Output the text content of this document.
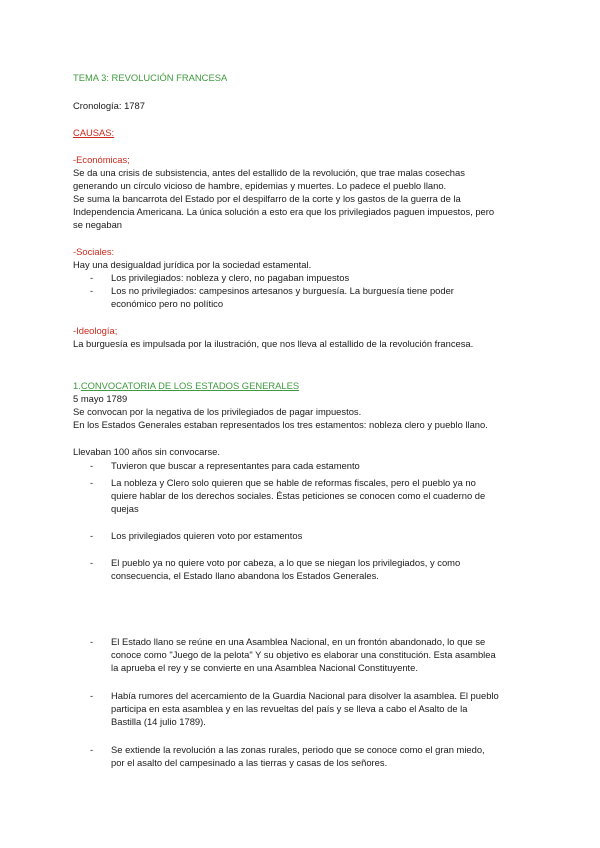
TEMA 3: REVOLUCIÓN FRANCESA

Cronología: 1787

CAUSAS:

-Económicas;

Se da una crisis de subsistencia, antes del estallido de la revolución, que trae malas cosechas

generando un círculo vicioso de hambre, epidemias y muertes. Lo padece el pueblo llano.

Se suma la bancarrota del Estado por el despilfarro de la corte y los gastos de la guerra de la

Independencia Americana. La única solución a esto era que los privilegiados paguen impuestos, pero

se negaban

-Sociales:

Hay una desigualdad jurídica por la sociedad estamental.

- Los privilegiados: nobleza y clero, no pagaban impuestos

- Los no privilegiados: campesinos artesanos y burguesía. La burguesía tiene poder

económico pero no político

-Ideología;

La burguesía es impulsada por la ilustración, que nos lleva al estallido de la revolución francesa.

1.CONVOCATORIA DE LOS ESTADOS GENERALES

5 mayo 1789

Se convocan por la negativa de los privilegiados de pagar impuestos.

En los Estados Generales estaban representados los tres estamentos: nobleza clero y pueblo llano.

Llevaban 100 años sin convocarse.

- Tuvieron que buscar a representantes para cada estamento

- La nobleza y Clero solo quieren que se hable de reformas fiscales, pero el pueblo ya no

quiere hablar de los derechos sociales. Éstas peticiones se conocen como el cuaderno de

quejas

- Los privilegiados quieren voto por estamentos

- El pueblo ya no quiere voto por cabeza, a lo que se niegan los privilegiados, y como

consecuencia, el Estado llano abandona los Estados Generales.

- El Estado llano se reúne en una Asamblea Nacional, en un frontón abandonado, lo que se

conoce como "Juego de la pelota" Y su objetivo es elaborar una constitución. Esta asamblea

la aprueba el rey y se convierte en una Asamblea Nacional Constituyente.

- Había rumores del acercamiento de la Guardia Nacional para disolver la asamblea. El pueblo

participa en esta asamblea y en las revueltas del país y se lleva a cabo el Asalto de la

Bastilla (14 julio 1789).

- Se extiende la revolución a las zonas rurales, periodo que se conoce como el gran miedo,

por el asalto del campesinado a las tierras y casas de los señores.
